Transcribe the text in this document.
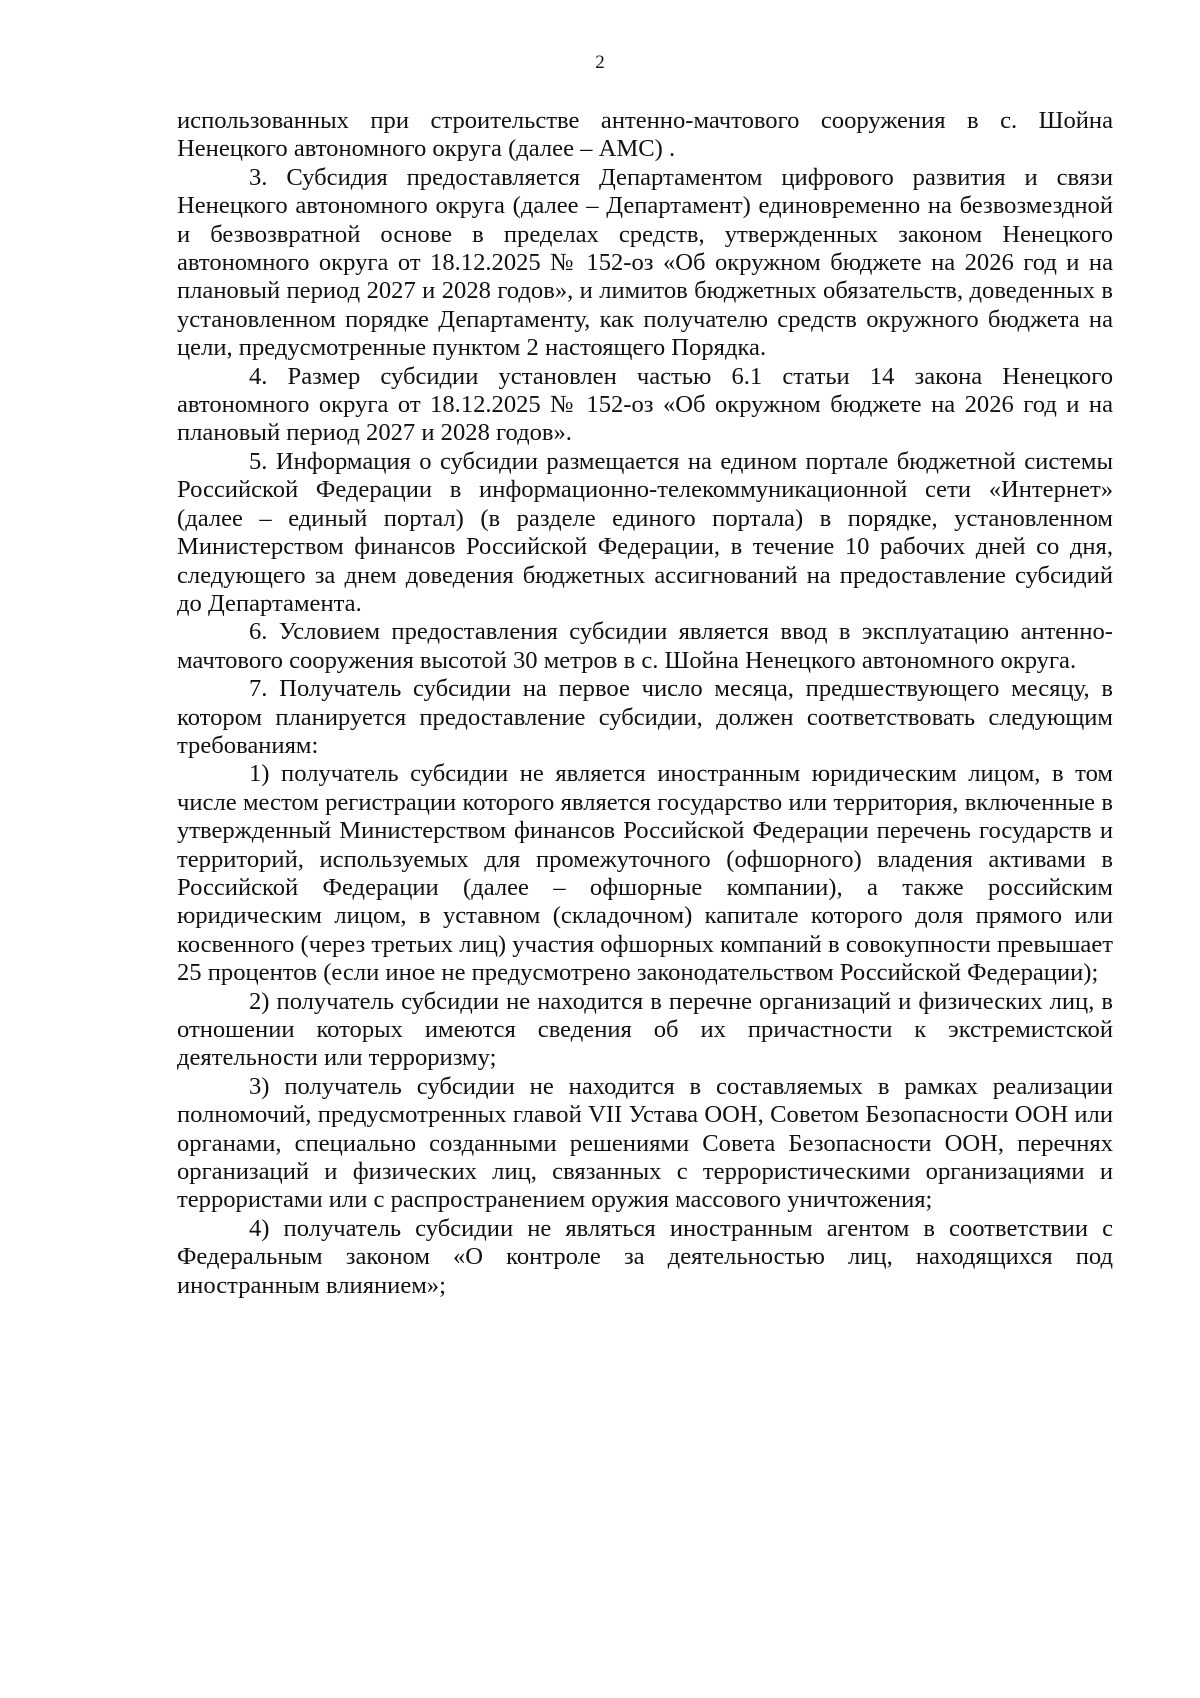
2

использованных при строительстве антенно-мачтового сооружения в с. Шойна Ненецкого автономного округа (далее – АМС) .

3. Субсидия предоставляется Департаментом цифрового развития и связи Ненецкого автономного округа (далее – Департамент) единовременно на безвозмездной и безвозвратной основе в пределах средств, утвержденных законом Ненецкого автономного округа от 18.12.2025 № 152-оз «Об окружном бюджете на 2026 год и на плановый период 2027 и 2028 годов», и лимитов бюджетных обязательств, доведенных в установленном порядке Департаменту, как получателю средств окружного бюджета на цели, предусмотренные пунктом 2 настоящего Порядка.

4. Размер субсидии установлен частью 6.1 статьи 14 закона Ненецкого автономного округа от 18.12.2025 № 152-оз «Об окружном бюджете на 2026 год и на плановый период 2027 и 2028 годов».

5. Информация о субсидии размещается на едином портале бюджетной системы Российской Федерации в информационно-телекоммуникационной сети «Интернет» (далее – единый портал) (в разделе единого портала) в порядке, установленном Министерством финансов Российской Федерации, в течение 10 рабочих дней со дня, следующего за днем доведения бюджетных ассигнований на предоставление субсидий до Департамента.

6. Условием предоставления субсидии является ввод в эксплуатацию антенно-мачтового сооружения высотой 30 метров в с. Шойна Ненецкого автономного округа.

7. Получатель субсидии на первое число месяца, предшествующего месяцу, в котором планируется предоставление субсидии, должен соответствовать следующим требованиям:

1) получатель субсидии не является иностранным юридическим лицом, в том числе местом регистрации которого является государство или территория, включенные в утвержденный Министерством финансов Российской Федерации перечень государств и территорий, используемых для промежуточного (офшорного) владения активами в Российской Федерации (далее – офшорные компании), а также российским юридическим лицом, в уставном (складочном) капитале которого доля прямого или косвенного (через третьих лиц) участия офшорных компаний в совокупности превышает 25 процентов (если иное не предусмотрено законодательством Российской Федерации);

2) получатель субсидии не находится в перечне организаций и физических лиц, в отношении которых имеются сведения об их причастности к экстремистской деятельности или терроризму;

3) получатель субсидии не находится в составляемых в рамках реализации полномочий, предусмотренных главой VII Устава ООН, Советом Безопасности ООН или органами, специально созданными решениями Совета Безопасности ООН, перечнях организаций и физических лиц, связанных с террористическими организациями и террористами или с распространением оружия массового уничтожения;

4) получатель субсидии не являться иностранным агентом в соответствии с Федеральным законом «О контроле за деятельностью лиц, находящихся под иностранным влиянием»;
